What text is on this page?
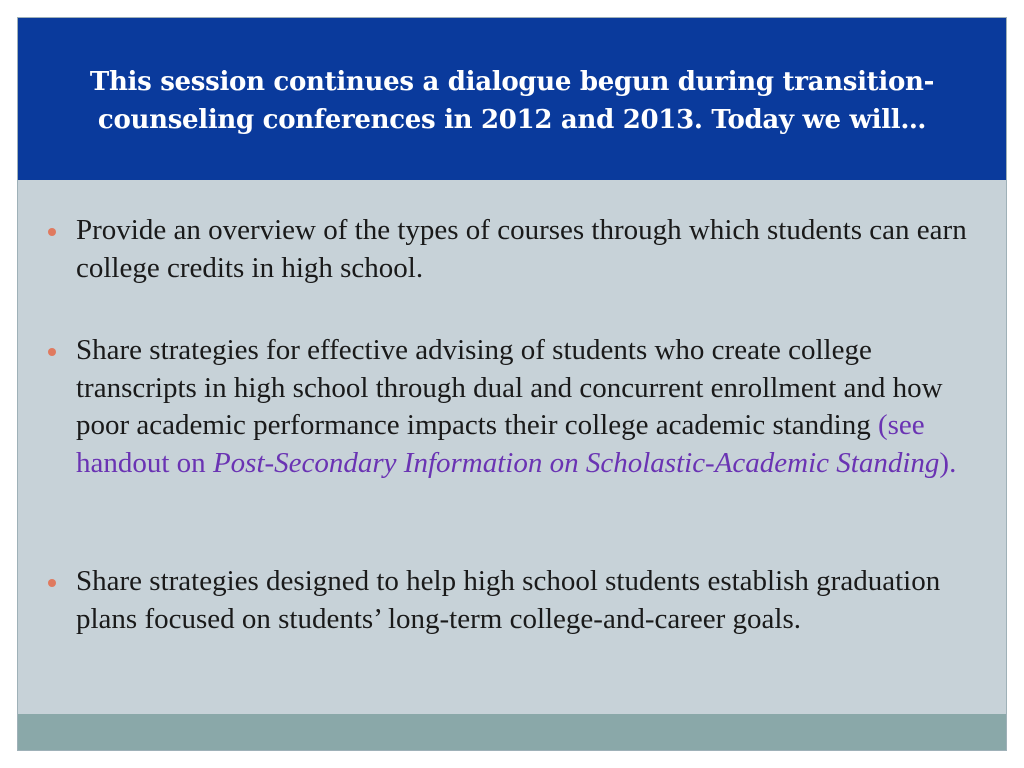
This session continues a dialogue begun during transition-counseling conferences in 2012 and 2013. Today we will…
Provide an overview of the types of courses through which students can earn college credits in high school.
Share strategies for effective advising of students who create college transcripts in high school through dual and concurrent enrollment and how poor academic performance impacts their college academic standing (see handout on Post-Secondary Information on Scholastic-Academic Standing).
Share strategies designed to help high school students establish graduation plans focused on students’ long-term college-and-career goals.
